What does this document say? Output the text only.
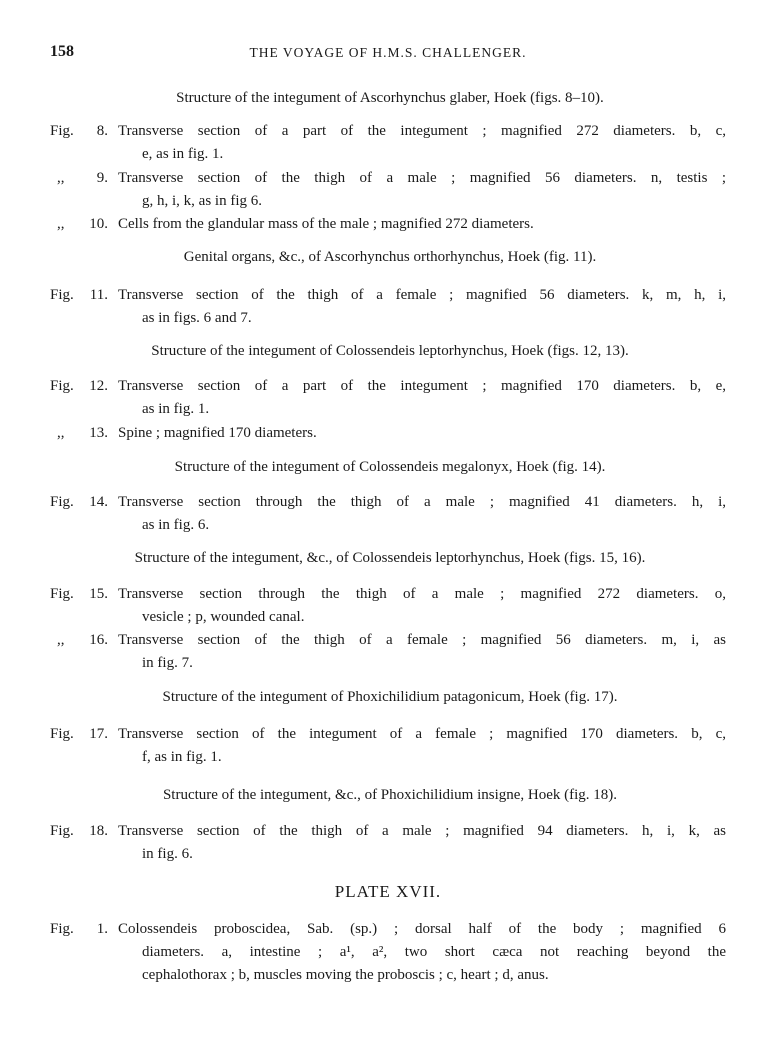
158	THE VOYAGE OF H.M.S. CHALLENGER.
Structure of the integument of Ascorhynchus glaber, Hoek (figs. 8–10).
Fig.	8. Transverse section of a part of the integument ; magnified 272 diameters. b, c,
e, as in fig. 1.
,,	9. Transverse section of the thigh of a male ; magnified 56 diameters. n, testis ;
g, h, i, k, as in fig 6.
,,	10. Cells from the glandular mass of the male ; magnified 272 diameters.
Genital organs, &c., of Ascorhynchus orthorhynchus, Hoek (fig. 11).
Fig.	11. Transverse section of the thigh of a female ; magnified 56 diameters. k, m, h, i,
as in figs. 6 and 7.
Structure of the integument of Colossendeis leptorhynchus, Hoek (figs. 12, 13).
Fig.	12. Transverse section of a part of the integument ; magnified 170 diameters. b, e,
as in fig. 1.
,,	13. Spine ; magnified 170 diameters.
Structure of the integument of Colossendeis megalonyx, Hoek (fig. 14).
Fig.	14. Transverse section through the thigh of a male ; magnified 41 diameters. h, i,
as in fig. 6.
Structure of the integument, &c., of Colossendeis leptorhynchus, Hoek (figs. 15, 16).
Fig.	15. Transverse section through the thigh of a male ; magnified 272 diameters. o,
vesicle ; p, wounded canal.
,,	16. Transverse section of the thigh of a female ; magnified 56 diameters. m, i, as
in fig. 7.
Structure of the integument of Phoxichilidium patagonicum, Hoek (fig. 17).
Fig.	17. Transverse section of the integument of a female ; magnified 170 diameters. b, c,
f, as in fig. 1.
Structure of the integument, &c., of Phoxichilidium insigne, Hoek (fig. 18).
Fig.	18. Transverse section of the thigh of a male ; magnified 94 diameters. h, i, k, as
in fig. 6.
PLATE XVII.
Fig.	1. Colossendeis proboscidea, Sab. (sp.) ; dorsal half of the body ; magnified 6
diameters. a, intestine ; a¹, a², two short cæca not reaching beyond the
cephalothorax ; b, muscles moving the proboscis ; c, heart ; d, anus.
